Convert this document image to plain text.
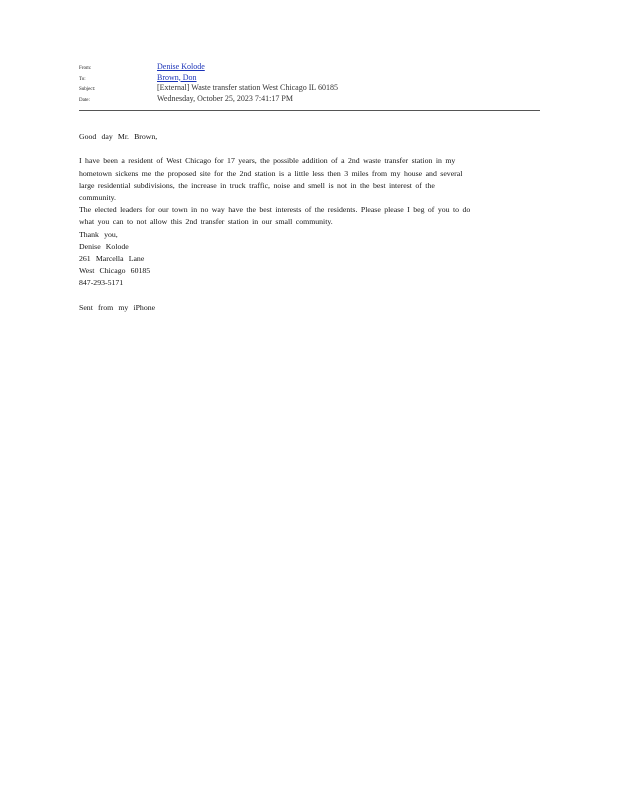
From:	Denise Kolode
To:	Brown, Don
Subject:	[External] Waste transfer station West Chicago IL 60185
Date:	Wednesday, October 25, 2023 7:41:17 PM
Good day Mr. Brown,
I have been a resident of West Chicago for 17 years, the possible addition of a 2nd waste transfer station in my
hometown sickens me the proposed site for the 2nd station is a little less then 3 miles from my house and several
large residential subdivisions, the increase in truck traffic, noise and smell is not in the best interest of the
community.
The elected leaders for our town in no way have the best interests of the residents. Please please I beg of you to do
what you can to not allow this 2nd transfer station in our small community.
Thank you,
Denise Kolode
261 Marcella Lane
West Chicago 60185
847-293-5171
Sent from my iPhone
